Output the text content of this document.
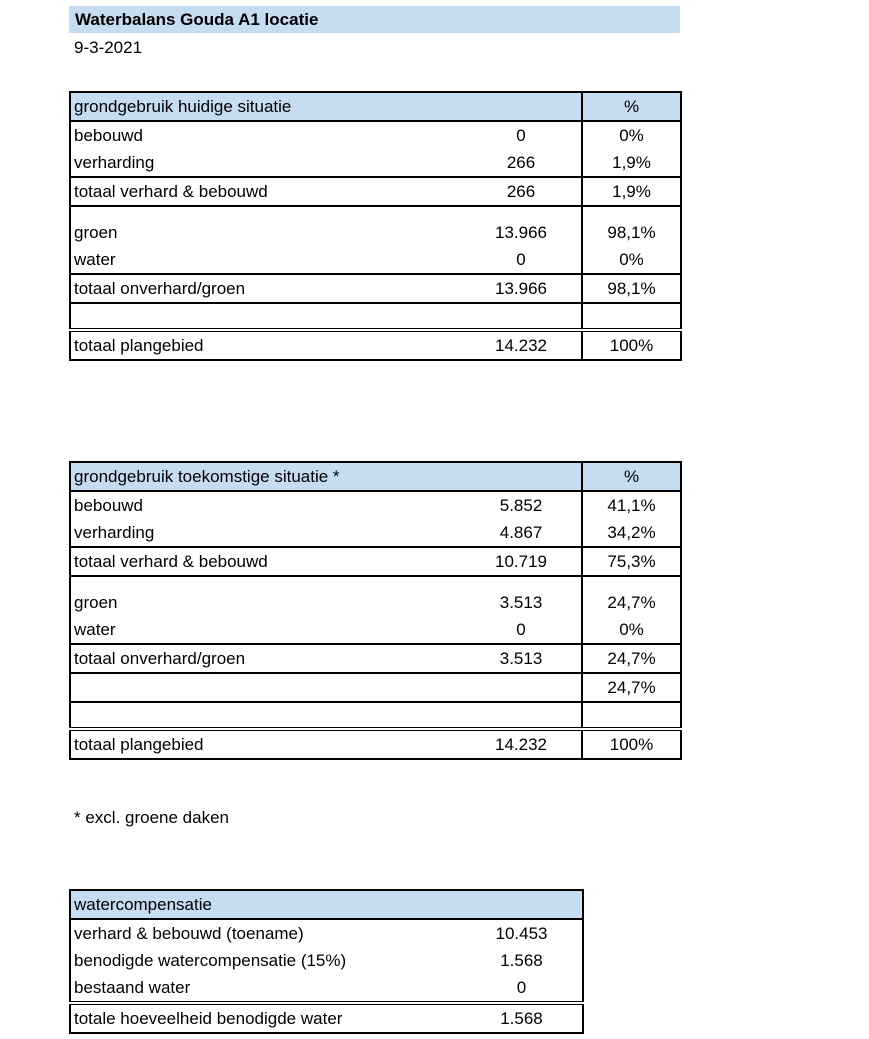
Waterbalans Gouda A1 locatie
9-3-2021
grondgebruik huidige situatie		%
bebouwd	0	0%
verharding	266	1,9%
totaal verhard & bebouwd	266	1,9%
groen	13.966	98,1%
water	0	0%
totaal onverhard/groen	13.966	98,1%

totaal plangebied	14.232	100%
grondgebruik toekomstige situatie *		%
bebouwd	5.852	41,1%
verharding	4.867	34,2%
totaal verhard & bebouwd	10.719	75,3%
groen	3.513	24,7%
water	0	0%
totaal onverhard/groen	3.513	24,7%
		24,7%

totaal plangebied	14.232	100%
* excl. groene daken
watercompensatie	
verhard & bebouwd (toename)	10.453
benodigde watercompensatie (15%)	1.568
bestaand water	0
totale hoeveelheid benodigde water	1.568
